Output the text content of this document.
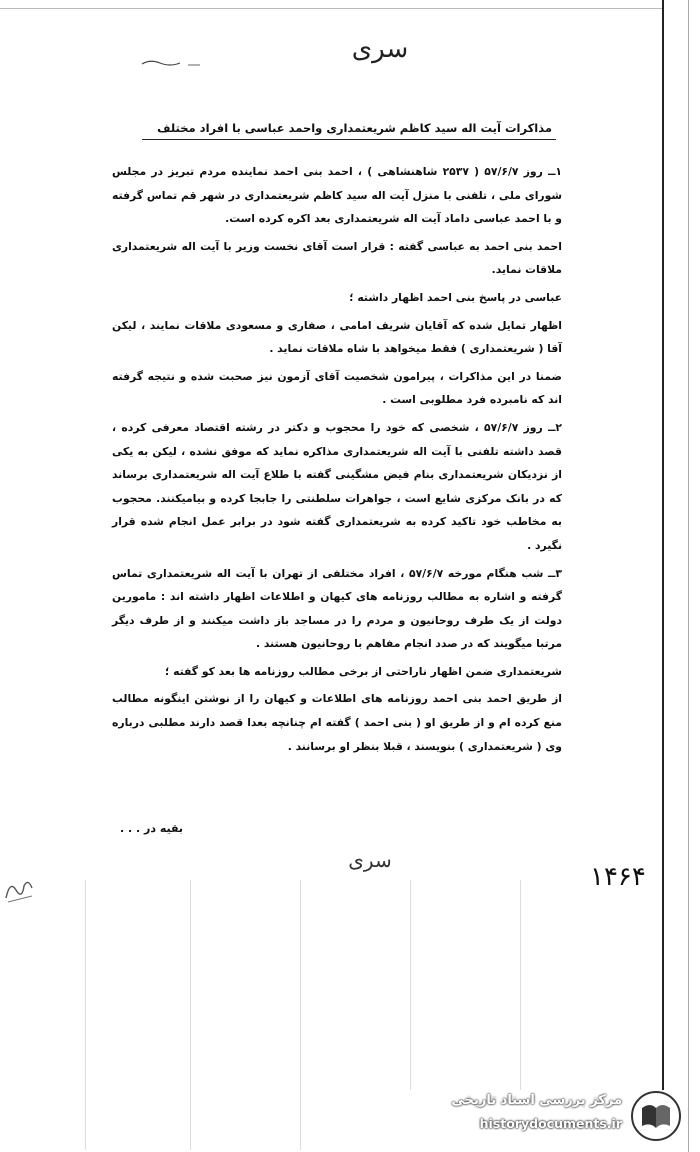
سری
مذاکرات آیت اله سید کاظم شریعتمداری واحمد عباسی با افراد مختلف

۱ــ روز ۵۷/۶/۷ ( ۲۵۳۷ شاهنشاهی ) ، احمد بنی احمد نماینده مردم تبریز در مجلس شورای ملی ، تلفنی با منزل آیت اله سید کاظم شریعتمداری در شهر قم تماس گرفته و با احمد عباسی داماد آیت اله شریعتمداری بعد اکره کرده است.

احمد بنی احمد به عباسی گفته : قرار است آقای نخست وزیر با آیت اله شریعتمداری ملاقات نماید.

عباسی در پاسخ بنی احمد اظهار داشته ؛

اظهار تمایل شده که آقایان شریف امامی ، صفاری و مسعودی ملاقات نمایند ، لیکن آقا ( شریعتمداری ) فقط میخواهد با شاه ملاقات نماید .

ضمنا در این مذاکرات ، پیرامون شخصیت آقای آزمون نیز صحبت شده و نتیجه گرفته اند که نامبرده فرد مطلوبی است .

۲ــ روز ۵۷/۶/۷ ، شخصی که خود را محجوب و دکتر در رشته اقتصاد معرفی کرده ، قصد داشته تلفنی با آیت اله شریعتمداری مذاکره نماید که موفق نشده ، لیکن به یکی از نزدیکان شریعتمداری بنام فیض مشگینی گفته با طلاع آیت اله شریعتمداری برساند که در بانک مرکزی شایع است ، جواهرات سلطنتی را جابجا کرده و بیامیکنند. محجوب به مخاطب خود تاکید کرده به شریعتمداری گفته شود در برابر عمل انجام شده قرار نگیرد .

۳ــ شب هنگام مورخه ۵۷/۶/۷ ، افراد مختلفی از تهران با آیت اله شریعتمداری تماس گرفته و اشاره به مطالب روزنامه های کیهان و اطلاعات اظهار داشته اند : مامورین دولت از یک طرف روحانیون و مردم را در مساجد باز داشت میکنند و از طرف دیگر مرتبا میگویند که در صدد انجام مفاهم با روحانیون هستند .

شریعتمداری ضمن اظهار ناراحتی از برخی مطالب روزنامه ها بعد کو گفته ؛

از طریق احمد بنی احمد روزنامه های اطلاعات و کیهان را از نوشتن اینگونه مطالب منع کرده ام و از طریق او ( بنی احمد ) گفته ام چنانچه بعدا قصد دارند مطلبی درباره وی ( شریعتمداری ) بنویسند ، قبلا بنظر او برسانند .

بقیه در . . .
سری
۱۴۶۴
مرکز بررسی اسناد تاریخی
historydocuments.ir
